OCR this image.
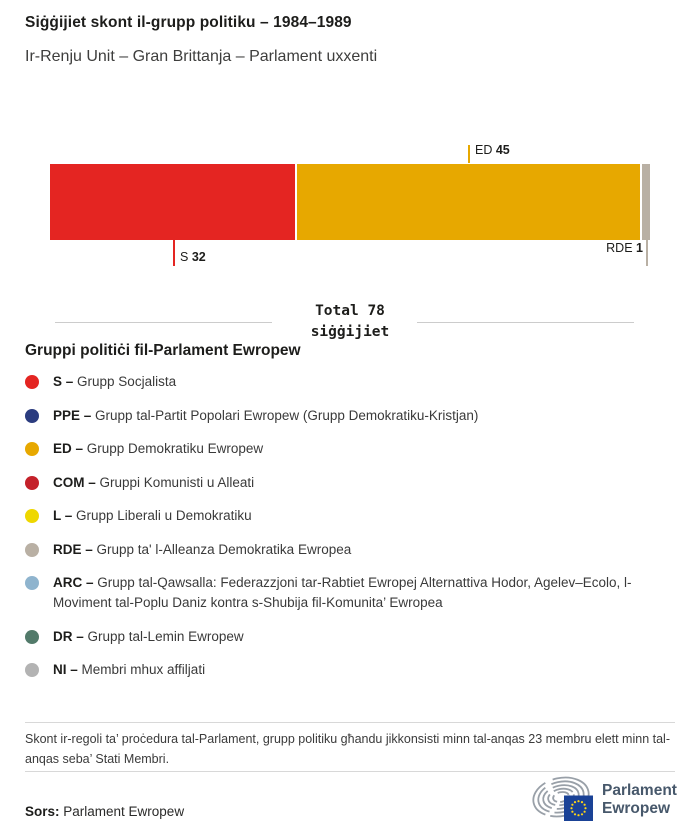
Siġġijiet skont il-grupp politiku – 1984–1989
Ir-Renju Unit – Gran Brittanja – Parlament uxxenti
ED 45
S 32
RDE 1
Total 78
siġġijiet
Gruppi politiċi fil-Parlament Ewropew
S – Grupp Socjalista
PPE – Grupp tal-Partit Popolari Ewropew (Grupp Demokratiku-Kristjan)
ED – Grupp Demokratiku Ewropew
COM – Gruppi Komunisti u Alleati
L – Grupp Liberali u Demokratiku
RDE – Grupp ta' l-Alleanza Demokratika Ewropea
ARC – Grupp tal-Qawsalla: Federazzjoni tar-Rabtiet Ewropej Alternattiva Hodor, Agelev–Ecolo, l-Moviment tal-Poplu Daniz kontra s-Shubija fil-Komunita’ Ewropea
DR – Grupp tal-Lemin Ewropew
NI – Membri mhux affiljati
Skont ir-regoli ta’ proċedura tal-Parlament, grupp politiku għandu jikkonsisti minn tal-anqas 23 membru elett minn tal-anqas seba’ Stati Membri.
Sors: Parlament Ewropew
Parlament
Ewropew
